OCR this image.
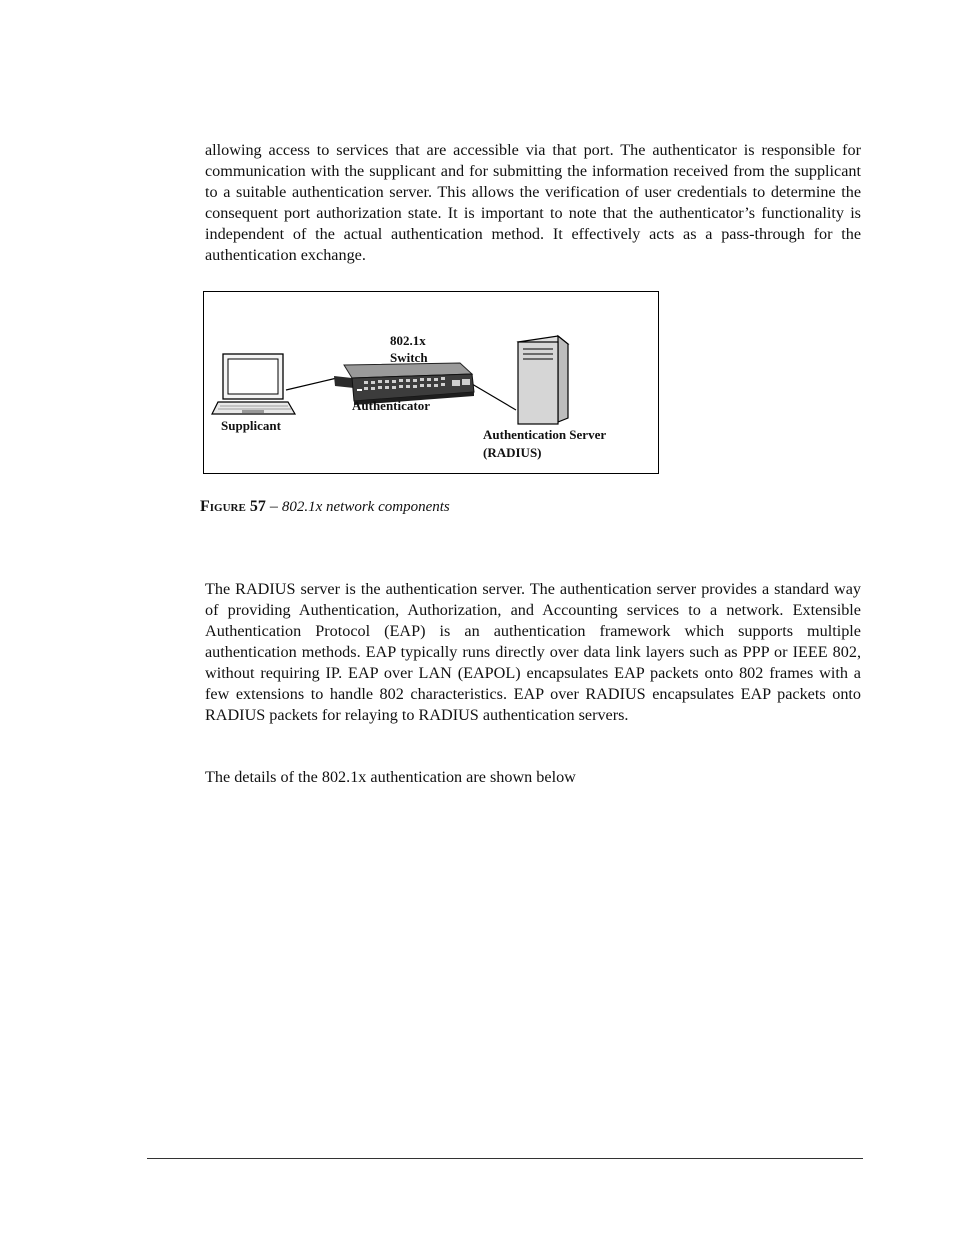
allowing access to services that are accessible via that port. The authenticator is responsible for communication with the supplicant and for submitting the information received from the supplicant to a suitable authentication server. This allows the verification of user credentials to determine the consequent port authorization state. It is important to note that the authenticator’s functionality is independent of the actual authentication method. It effectively acts as a pass-through for the authentication exchange.

802.1x Switch
Authenticator
Supplicant
Authentication Server (RADIUS)
Figure 57 – 802.1x network components

The RADIUS server is the authentication server. The authentication server provides a standard way of providing Authentication, Authorization, and Accounting services to a network. Extensible Authentication Protocol (EAP) is an authentication framework which supports multiple authentication methods. EAP typically runs directly over data link layers such as PPP or IEEE 802, without requiring IP. EAP over LAN (EAPOL) encapsulates EAP packets onto 802 frames with a few extensions to handle 802 characteristics. EAP over RADIUS encapsulates EAP packets onto RADIUS packets for relaying to RADIUS authentication servers.

The details of the 802.1x authentication are shown below
